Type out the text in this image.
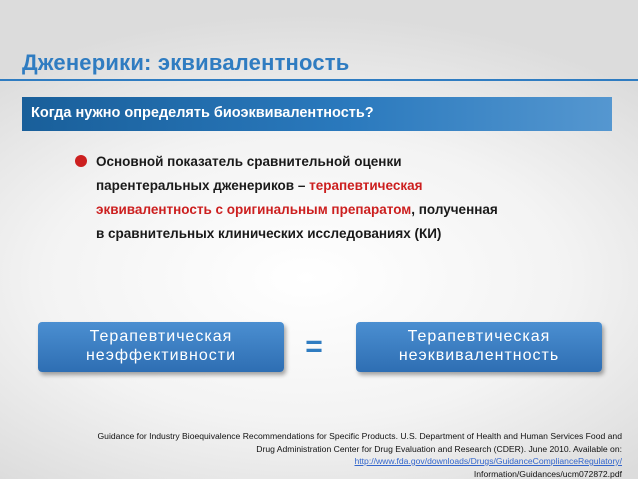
Дженерики: эквивалентность
Когда нужно определять биоэквивалентность?
Основной показатель сравнительной оценки
парентеральных дженериков – терапевтическая
эквивалентность с оригинальным препаратом, полученная
в сравнительных клинических исследованиях (КИ)
Терапевтическая
неэффективности	=	Терапевтическая
неэквивалентность
Guidance for Industry Bioequivalence Recommendations for Specific Products. U.S. Department of Health and Human Services Food and
Drug Administration Center for Drug Evaluation and Research (CDER). June 2010. Available on:
http://www.fda.gov/downloads/Drugs/GuidanceComplianceRegulatory/
Information/Guidances/ucm072872.pdf
